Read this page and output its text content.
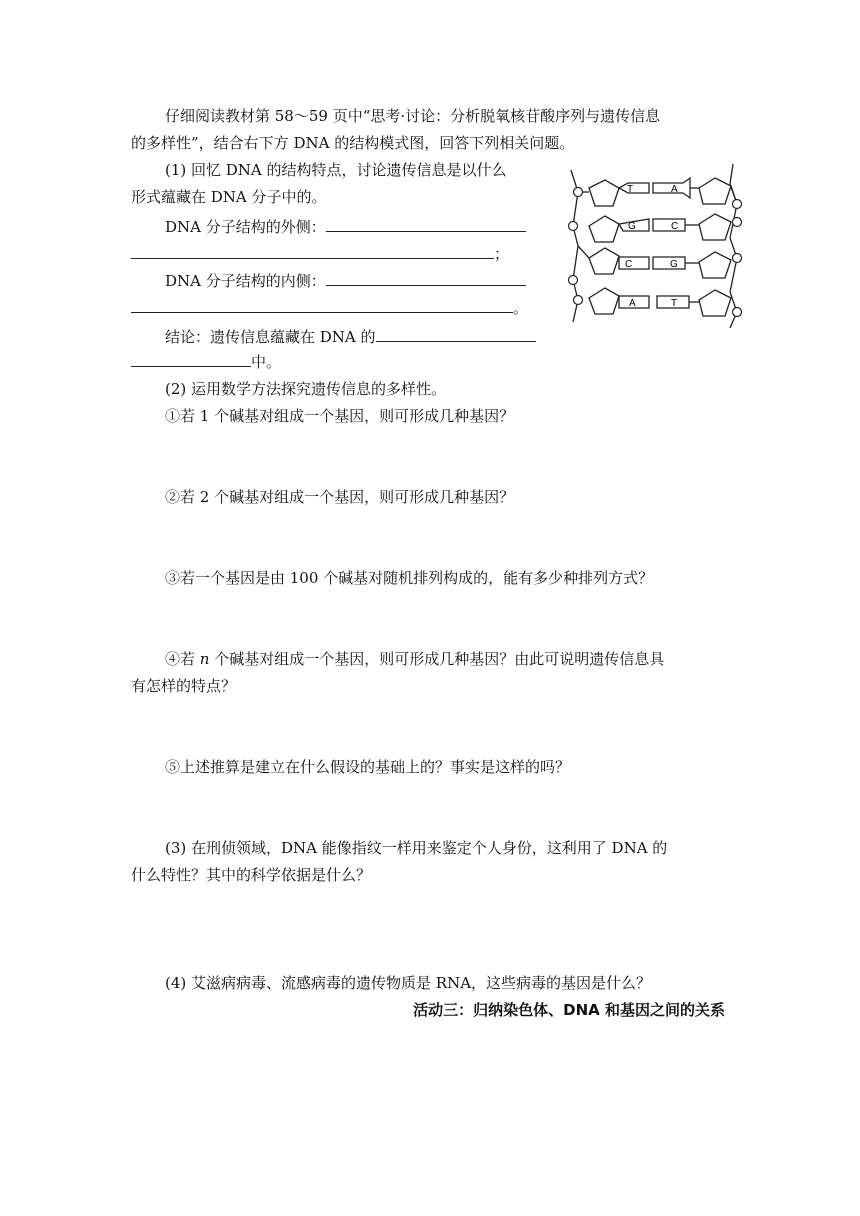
仔细阅读教材第 58～59 页中“思考·讨论：分析脱氧核苷酸序列与遗传信息
的多样性”，结合右下方 DNA 的结构模式图，回答下列相关问题。
(1) 回忆 DNA 的结构特点，讨论遗传信息是以什么
形式蕴藏在 DNA 分子中的。
DNA 分子结构的外侧：
；
DNA 分子结构的内侧：
。
结论：遗传信息蕴藏在 DNA 的
中。
T	A
G	C
C	G
A	T
(2) 运用数学方法探究遗传信息的多样性。
①若 1 个碱基对组成一个基因，则可形成几种基因？
②若 2 个碱基对组成一个基因，则可形成几种基因？
③若一个基因是由 100 个碱基对随机排列构成的，能有多少种排列方式？
④若 n 个碱基对组成一个基因，则可形成几种基因？由此可说明遗传信息具
有怎样的特点？
⑤上述推算是建立在什么假设的基础上的？事实是这样的吗？
(3) 在刑侦领域，DNA 能像指纹一样用来鉴定个人身份，这利用了 DNA 的
什么特性？其中的科学依据是什么？
(4) 艾滋病病毒、流感病毒的遗传物质是 RNA，这些病毒的基因是什么？
活动三：归纳染色体、DNA 和基因之间的关系
